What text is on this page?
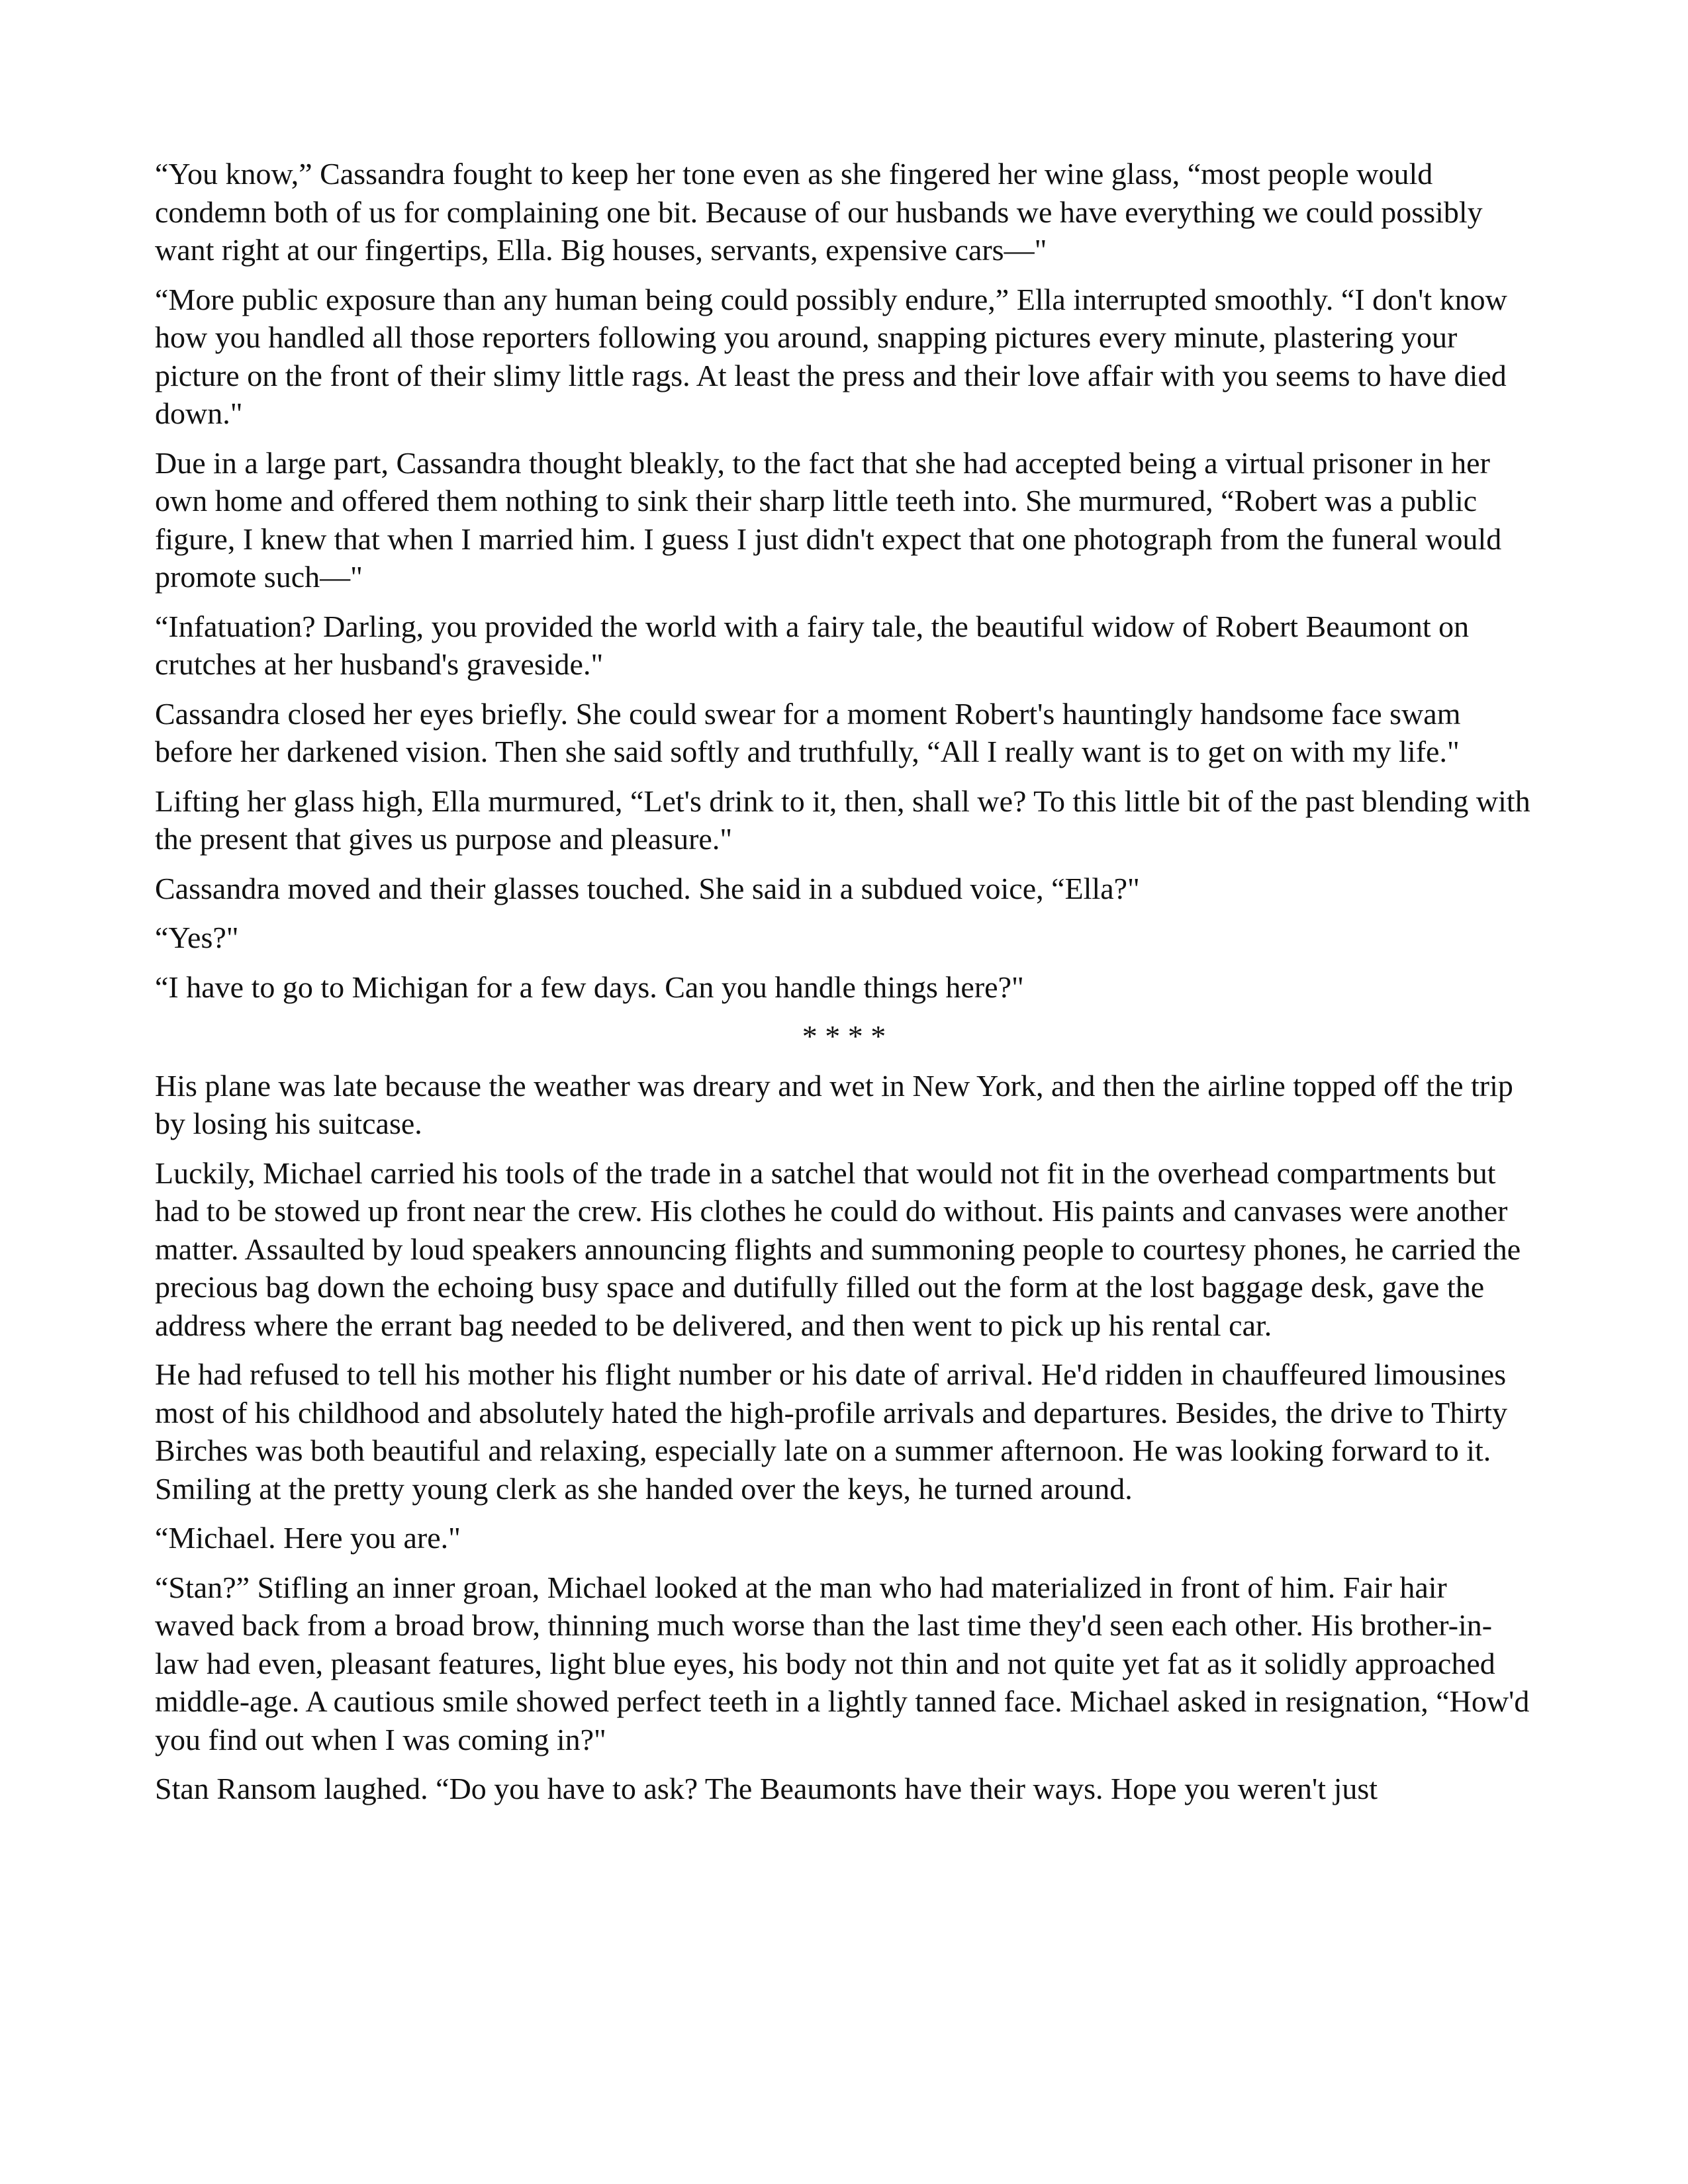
“You know,” Cassandra fought to keep her tone even as she fingered her wine glass, “most people would condemn both of us for complaining one bit. Because of our husbands we have everything we could possibly want right at our fingertips, Ella. Big houses, servants, expensive cars—"

“More public exposure than any human being could possibly endure,” Ella interrupted smoothly. “I don't know how you handled all those reporters following you around, snapping pictures every minute, plastering your picture on the front of their slimy little rags. At least the press and their love affair with you seems to have died down."

Due in a large part, Cassandra thought bleakly, to the fact that she had accepted being a virtual prisoner in her own home and offered them nothing to sink their sharp little teeth into. She murmured, “Robert was a public figure, I knew that when I married him. I guess I just didn't expect that one photograph from the funeral would promote such—"

“Infatuation? Darling, you provided the world with a fairy tale, the beautiful widow of Robert Beaumont on crutches at her husband's graveside."

Cassandra closed her eyes briefly. She could swear for a moment Robert's hauntingly handsome face swam before her darkened vision. Then she said softly and truthfully, “All I really want is to get on with my life."

Lifting her glass high, Ella murmured, “Let's drink to it, then, shall we? To this little bit of the past blending with the present that gives us purpose and pleasure."

Cassandra moved and their glasses touched. She said in a subdued voice, “Ella?"

“Yes?"

“I have to go to Michigan for a few days. Can you handle things here?"

* * * *

His plane was late because the weather was dreary and wet in New York, and then the airline topped off the trip by losing his suitcase.

Luckily, Michael carried his tools of the trade in a satchel that would not fit in the overhead compartments but had to be stowed up front near the crew. His clothes he could do without. His paints and canvases were another matter. Assaulted by loud speakers announcing flights and summoning people to courtesy phones, he carried the precious bag down the echoing busy space and dutifully filled out the form at the lost baggage desk, gave the address where the errant bag needed to be delivered, and then went to pick up his rental car.

He had refused to tell his mother his flight number or his date of arrival. He'd ridden in chauffeured limousines most of his childhood and absolutely hated the high-profile arrivals and departures. Besides, the drive to Thirty Birches was both beautiful and relaxing, especially late on a summer afternoon. He was looking forward to it. Smiling at the pretty young clerk as she handed over the keys, he turned around.

“Michael. Here you are."

“Stan?” Stifling an inner groan, Michael looked at the man who had materialized in front of him. Fair hair waved back from a broad brow, thinning much worse than the last time they'd seen each other. His brother-in-law had even, pleasant features, light blue eyes, his body not thin and not quite yet fat as it solidly approached middle-age. A cautious smile showed perfect teeth in a lightly tanned face. Michael asked in resignation, “How'd you find out when I was coming in?"

Stan Ransom laughed. “Do you have to ask? The Beaumonts have their ways. Hope you weren't just
